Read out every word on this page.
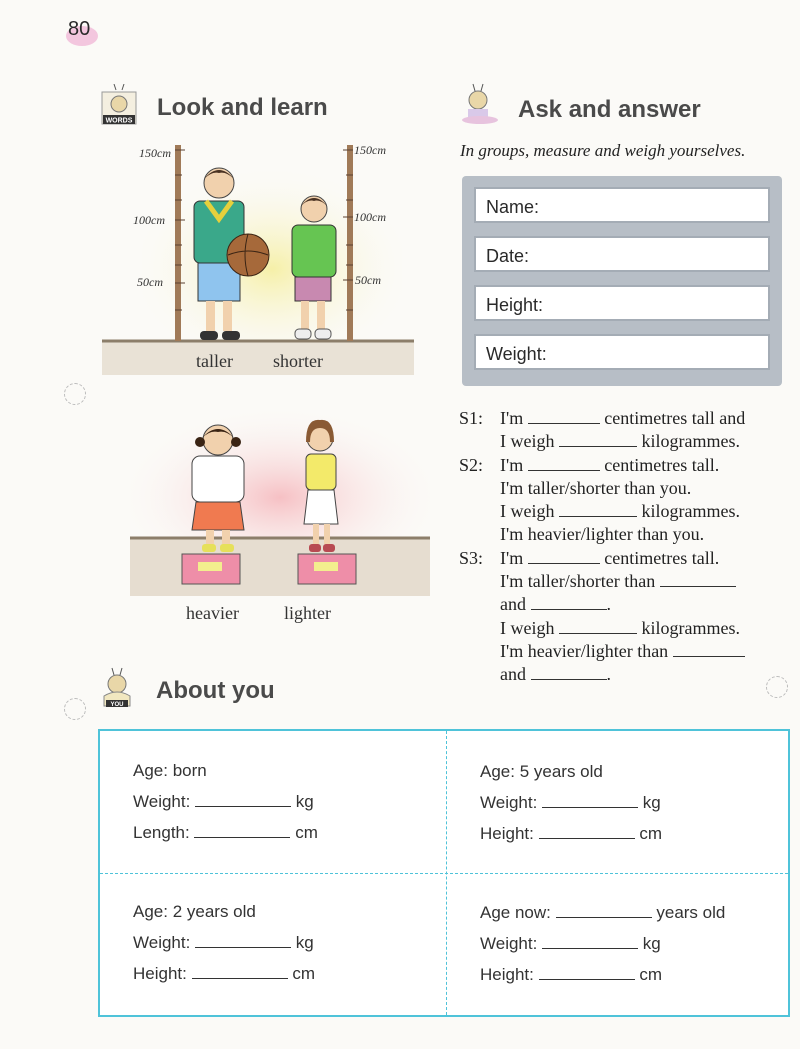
80
WORDS Look and learn
150cm
100cm
50cm
150cm
100cm
50cm
taller shorter
heavier	lighter
Ask and answer
In groups, measure and weigh yourselves.
Name:
Date:
Height:
Weight:
S1: I'm	centimetres tall and
I weigh	kilogrammes.
S2: I'm	centimetres tall.
I'm taller/shorter than you.
I weigh	kilogrammes.
I'm heavier/lighter than you.
S3: I'm	centimetres tall.
I'm taller/shorter than
and	.
I weigh	kilogrammes.
I'm heavier/lighter than
and	.
YOU
About you
Age: born
Weight:	kg
Length:	cm
Age: 5 years old
Weight:	kg
Height:	cm
Age: 2 years old
Weight:	kg
Height:	cm
Age now:	years old
Weight:	kg
Height:	cm
